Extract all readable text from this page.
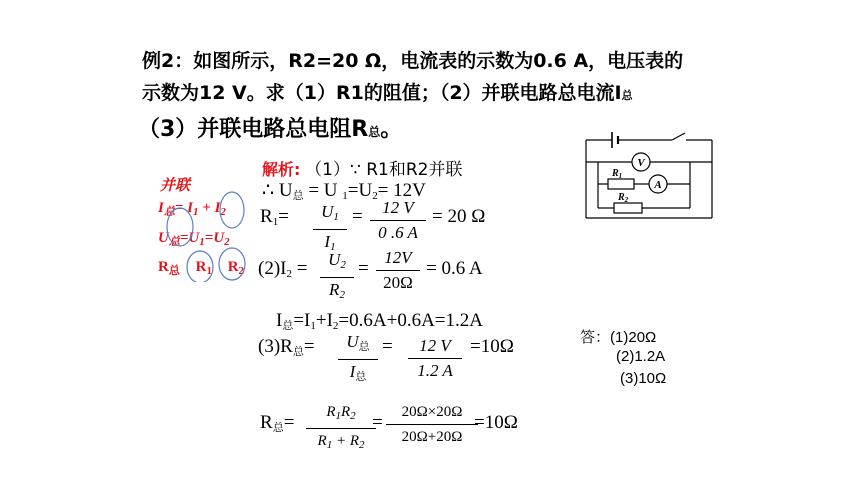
例2：如图所示，R2=20 Ω，电流表的示数为0.6 A，电压表的
示数为12 V。求（1）R1的阻值；（2）并联电路总电流I总
（3）并联电路总电阻R总。
并联
$I_总= I_1 + I_2$
$U_总=U_1=U_2$
$R_总$ $R_1$ $R_2$
解析: （1）∵ R1和R2并联
∴ $U_总 = U$ $_1=U_2= 12V$
$R_1= U_1$
$I_1$
= 12 V
0 .6 A
= 20 Ω
$(2)I_2 = U_2$
$R_2$
=
12V
20Ω
= 0.6 A
$I_总=I_1+I_2=0.6A+0.6A=1.2A$
$(3)R_总= U_总$
$I_总$
= 12 V
1.2 A
=10Ω
$R_总= R_1R_2$
$R_1 + R_2$
= 20Ω×20Ω
20Ω+20Ω
=10Ω
答：(1)20Ω
(2)1.2A
(3)10Ω
V
A
$R_1$
$R_2$
